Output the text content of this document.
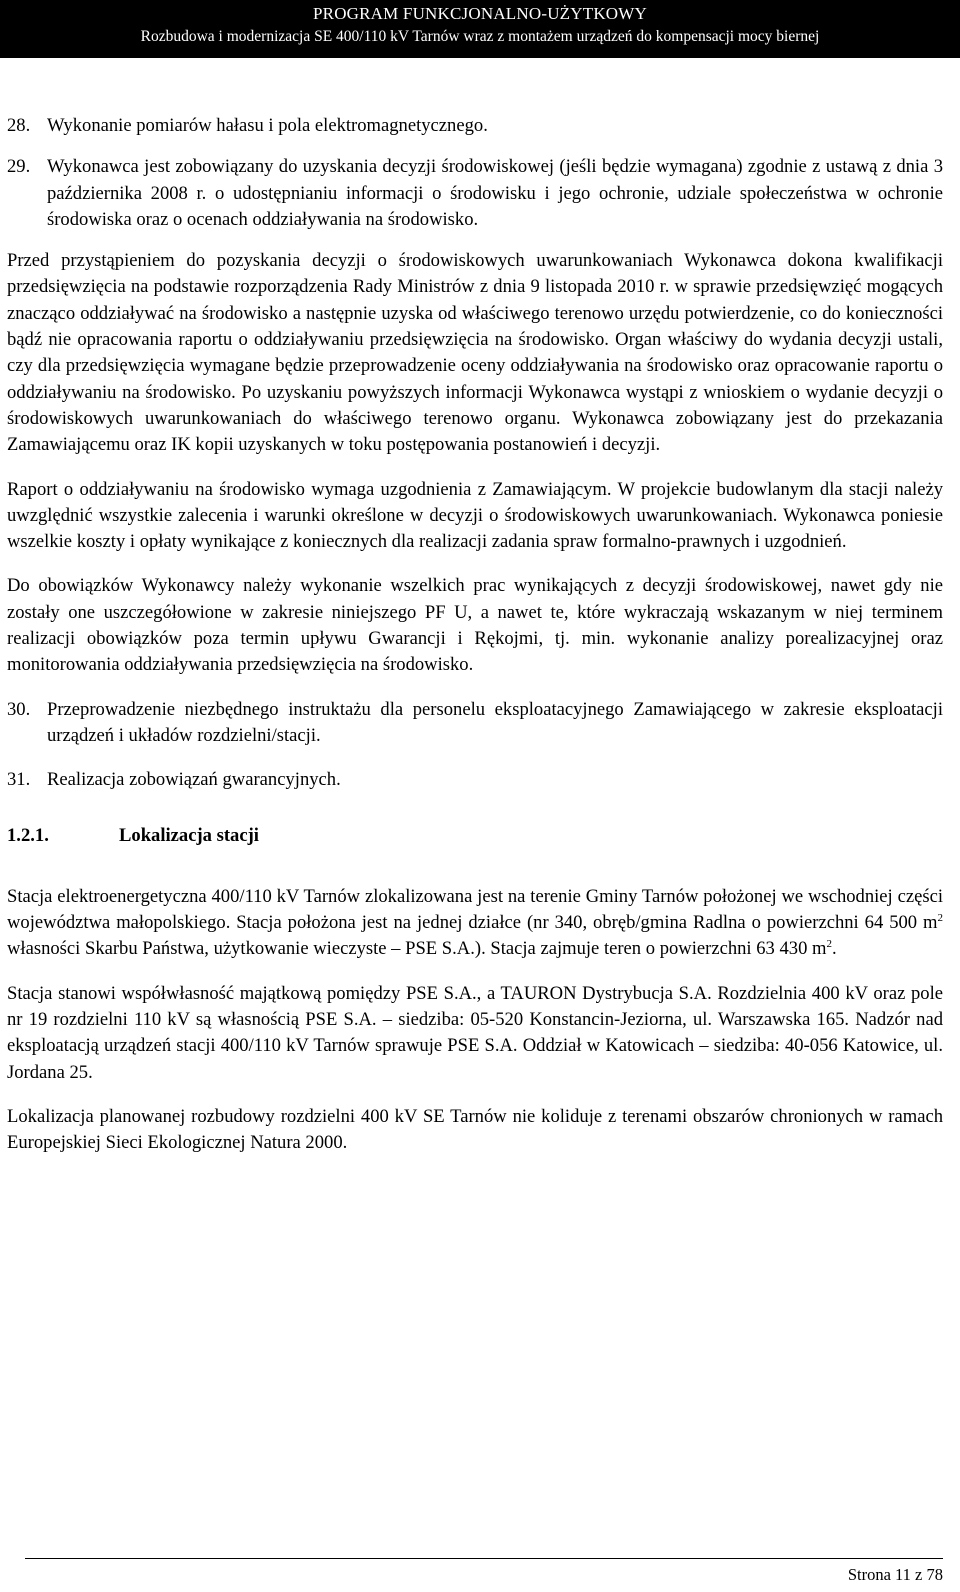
PROGRAM FUNKCJONALNO-UŻYTKOWY
Rozbudowa i modernizacja SE 400/110 kV Tarnów wraz z montażem urządzeń do kompensacji mocy biernej
28. Wykonanie pomiarów hałasu i pola elektromagnetycznego.
29. Wykonawca jest zobowiązany do uzyskania decyzji środowiskowej (jeśli będzie wymagana) zgodnie z ustawą z dnia 3 października 2008 r. o udostępnianiu informacji o środowisku i jego ochronie, udziale społeczeństwa w ochronie środowiska oraz o ocenach oddziaływania na środowisko.

Przed przystąpieniem do pozyskania decyzji o środowiskowych uwarunkowaniach Wykonawca dokona kwalifikacji przedsięwzięcia na podstawie rozporządzenia Rady Ministrów z dnia 9 listopada 2010 r. w sprawie przedsięwzięć mogących znacząco oddziaływać na środowisko a następnie uzyska od właściwego terenowo urzędu potwierdzenie, co do konieczności bądź nie opracowania raportu o oddziaływaniu przedsięwzięcia na środowisko. Organ właściwy do wydania decyzji ustali, czy dla przedsięwzięcia wymagane będzie przeprowadzenie oceny oddziaływania na środowisko oraz opracowanie raportu o oddziaływaniu na środowisko. Po uzyskaniu powyższych informacji Wykonawca wystąpi z wnioskiem o wydanie decyzji o środowiskowych uwarunkowaniach do właściwego terenowo organu. Wykonawca zobowiązany jest do przekazania Zamawiającemu oraz IK kopii uzyskanych w toku postępowania postanowień i decyzji.

Raport o oddziaływaniu na środowisko wymaga uzgodnienia z Zamawiającym. W projekcie budowlanym dla stacji należy uwzględnić wszystkie zalecenia i warunki określone w decyzji o środowiskowych uwarunkowaniach. Wykonawca poniesie wszelkie koszty i opłaty wynikające z koniecznych dla realizacji zadania spraw formalno-prawnych i uzgodnień.

Do obowiązków Wykonawcy należy wykonanie wszelkich prac wynikających z decyzji środowiskowej, nawet gdy nie zostały one uszczegółowione w zakresie niniejszego PF U, a nawet te, które wykraczają wskazanym w niej terminem realizacji obowiązków poza termin upływu Gwarancji i Rękojmi, tj. min. wykonanie analizy porealizacyjnej oraz monitorowania oddziaływania przedsięwzięcia na środowisko.

30. Przeprowadzenie niezbędnego instruktażu dla personelu eksploatacyjnego Zamawiającego w zakresie eksploatacji urządzeń i układów rozdzielni/stacji.
31. Realizacja zobowiązań gwarancyjnych.
1.2.1.	Lokalizacja stacji

Stacja elektroenergetyczna 400/110 kV Tarnów zlokalizowana jest na terenie Gminy Tarnów położonej we wschodniej części województwa małopolskiego. Stacja położona jest na jednej działce (nr 340, obręb/gmina Radlna o powierzchni 64 500 $m^2$ własności Skarbu Państwa, użytkowanie wieczyste – PSE S.A.). Stacja zajmuje teren o powierzchni 63 430 $m^2$.

Stacja stanowi współwłasność majątkową pomiędzy PSE S.A., a TAURON Dystrybucja S.A. Rozdzielnia 400 kV oraz pole nr 19 rozdzielni 110 kV są własnością PSE S.A. – siedziba: 05-520 Konstancin-Jeziorna, ul. Warszawska 165. Nadzór nad eksploatacją urządzeń stacji 400/110 kV Tarnów sprawuje PSE S.A. Oddział w Katowicach – siedziba: 40-056 Katowice, ul. Jordana 25.

Lokalizacja planowanej rozbudowy rozdzielni 400 kV SE Tarnów nie koliduje z terenami obszarów chronionych w ramach Europejskiej Sieci Ekologicznej Natura 2000.

Strona 11 z 78
